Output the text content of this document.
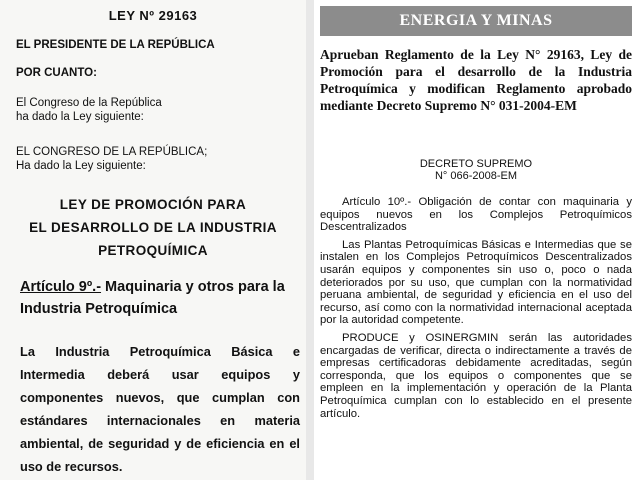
LEY Nº 29163
EL PRESIDENTE DE LA REPÚBLICA
POR CUANTO:
El Congreso de la República
ha dado la Ley siguiente:
EL CONGRESO DE LA REPÚBLICA;
Ha dado la Ley siguiente:
LEY DE PROMOCIÓN PARA
EL DESARROLLO DE LA INDUSTRIA
PETROQUÍMICA
Artículo 9º.- Maquinaria y otros para la Industria Petroquímica
La Industria Petroquímica Básica e Intermedia deberá usar equipos y componentes nuevos, que cumplan con estándares internacionales en materia ambiental, de seguridad y de eficiencia en el uso de recursos.
ENERGIA Y MINAS
Aprueban Reglamento de la Ley N° 29163, Ley de Promoción para el desarrollo de la Industria Petroquímica y modifican Reglamento aprobado mediante Decreto Supremo N° 031-2004-EM
DECRETO SUPREMO
N° 066-2008-EM

Artículo 10º.- Obligación de contar con maquinaria y equipos nuevos en los Complejos Petroquímicos Descentralizados

Las Plantas Petroquímicas Básicas e Intermedias que se instalen en los Complejos Petroquímicos Descentralizados usarán equipos y componentes sin uso o, poco o nada deteriorados por su uso, que cumplan con la normatividad peruana ambiental, de seguridad y eficiencia en el uso del recurso, así como con la normatividad internacional aceptada por la autoridad competente.

PRODUCE y OSINERGMIN serán las autoridades encargadas de verificar, directa o indirectamente a través de empresas certificadoras debidamente acreditadas, según corresponda, que los equipos o componentes que se empleen en la implementación y operación de la Planta Petroquímica cumplan con lo establecido en el presente artículo.
